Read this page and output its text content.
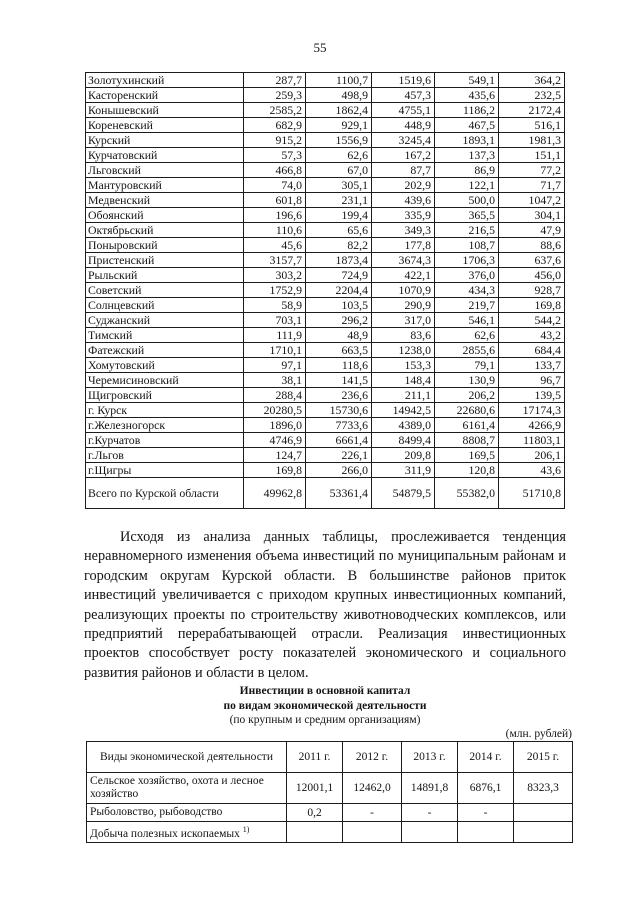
55
Золотухинский	287,7	1100,7	1519,6	549,1	364,2
Касторенский	259,3	498,9	457,3	435,6	232,5
Конышевский	2585,2	1862,4	4755,1	1186,2	2172,4
Кореневский	682,9	929,1	448,9	467,5	516,1
Курский	915,2	1556,9	3245,4	1893,1	1981,3
Курчатовский	57,3	62,6	167,2	137,3	151,1
Льговский	466,8	67,0	87,7	86,9	77,2
Мантуровский	74,0	305,1	202,9	122,1	71,7
Медвенский	601,8	231,1	439,6	500,0	1047,2
Обоянский	196,6	199,4	335,9	365,5	304,1
Октябрьский	110,6	65,6	349,3	216,5	47,9
Поныровский	45,6	82,2	177,8	108,7	88,6
Пристенский	3157,7	1873,4	3674,3	1706,3	637,6
Рыльский	303,2	724,9	422,1	376,0	456,0
Советский	1752,9	2204,4	1070,9	434,3	928,7
Солнцевский	58,9	103,5	290,9	219,7	169,8
Суджанский	703,1	296,2	317,0	546,1	544,2
Тимский	111,9	48,9	83,6	62,6	43,2
Фатежский	1710,1	663,5	1238,0	2855,6	684,4
Хомутовский	97,1	118,6	153,3	79,1	133,7
Черемисиновский	38,1	141,5	148,4	130,9	96,7
Щигровский	288,4	236,6	211,1	206,2	139,5
г. Курск	20280,5	15730,6	14942,5	22680,6	17174,3
г.Железногорск	1896,0	7733,6	4389,0	6161,4	4266,9
г.Курчатов	4746,9	6661,4	8499,4	8808,7	11803,1
г.Льгов	124,7	226,1	209,8	169,5	206,1
г.Щигры	169,8	266,0	311,9	120,8	43,6
Всего по Курской области	49962,8	53361,4	54879,5	55382,0	51710,8
Исходя из анализа данных таблицы, прослеживается тенденция неравномерного изменения объема инвестиций по муниципальным районам и городским округам Курской области. В большинстве районов приток инвестиций увеличивается с приходом крупных инвестиционных компаний, реализующих проекты по строительству животноводческих комплексов, или предприятий перерабатывающей отрасли. Реализация инвестиционных проектов способствует росту показателей экономического и социального развития районов и области в целом.
Инвестиции в основной капитал
по видам экономической деятельности
(по крупным и средним организациям)
(млн. рублей)
Виды экономической деятельности	2011 г.	2012 г.	2013 г.	2014 г.	2015 г.
Сельское хозяйство, охота и лесное хозяйство	12001,1	12462,0	14891,8	6876,1	8323,3
Рыболовство, рыбоводство	0,2	-	-	-	
Добыча полезных ископаемых $^{1)}$					
